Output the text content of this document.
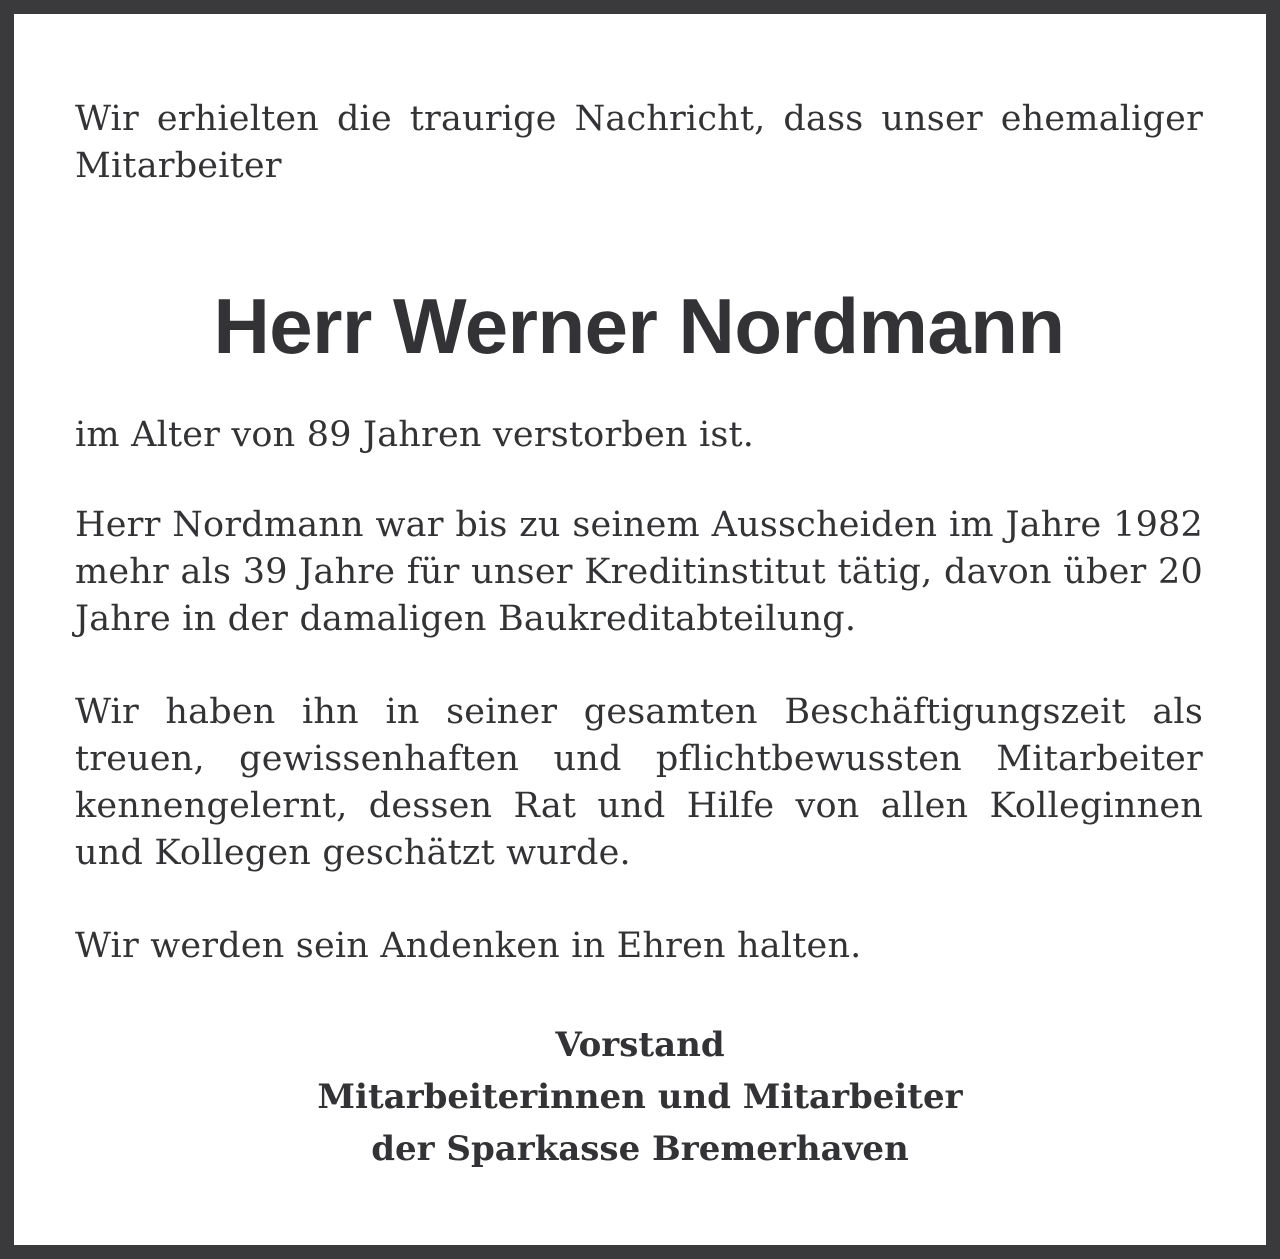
Wir erhielten die traurige Nachricht, dass unser ehemaliger Mitarbeiter

Herr Werner Nordmann

im Alter von 89 Jahren verstorben ist.

Herr Nordmann war bis zu seinem Ausscheiden im Jahre 1982 mehr als 39 Jahre für unser Kreditinstitut tätig, davon über 20 Jahre in der damaligen Baukreditabteilung.

Wir haben ihn in seiner gesamten Beschäftigungszeit als treuen, gewissenhaften und pflichtbewussten Mitarbeiter kennengelernt, dessen Rat und Hilfe von allen Kolleginnen und Kollegen geschätzt wurde.

Wir werden sein Andenken in Ehren halten.

Vorstand
Mitarbeiterinnen und Mitarbeiter
der Sparkasse Bremerhaven
